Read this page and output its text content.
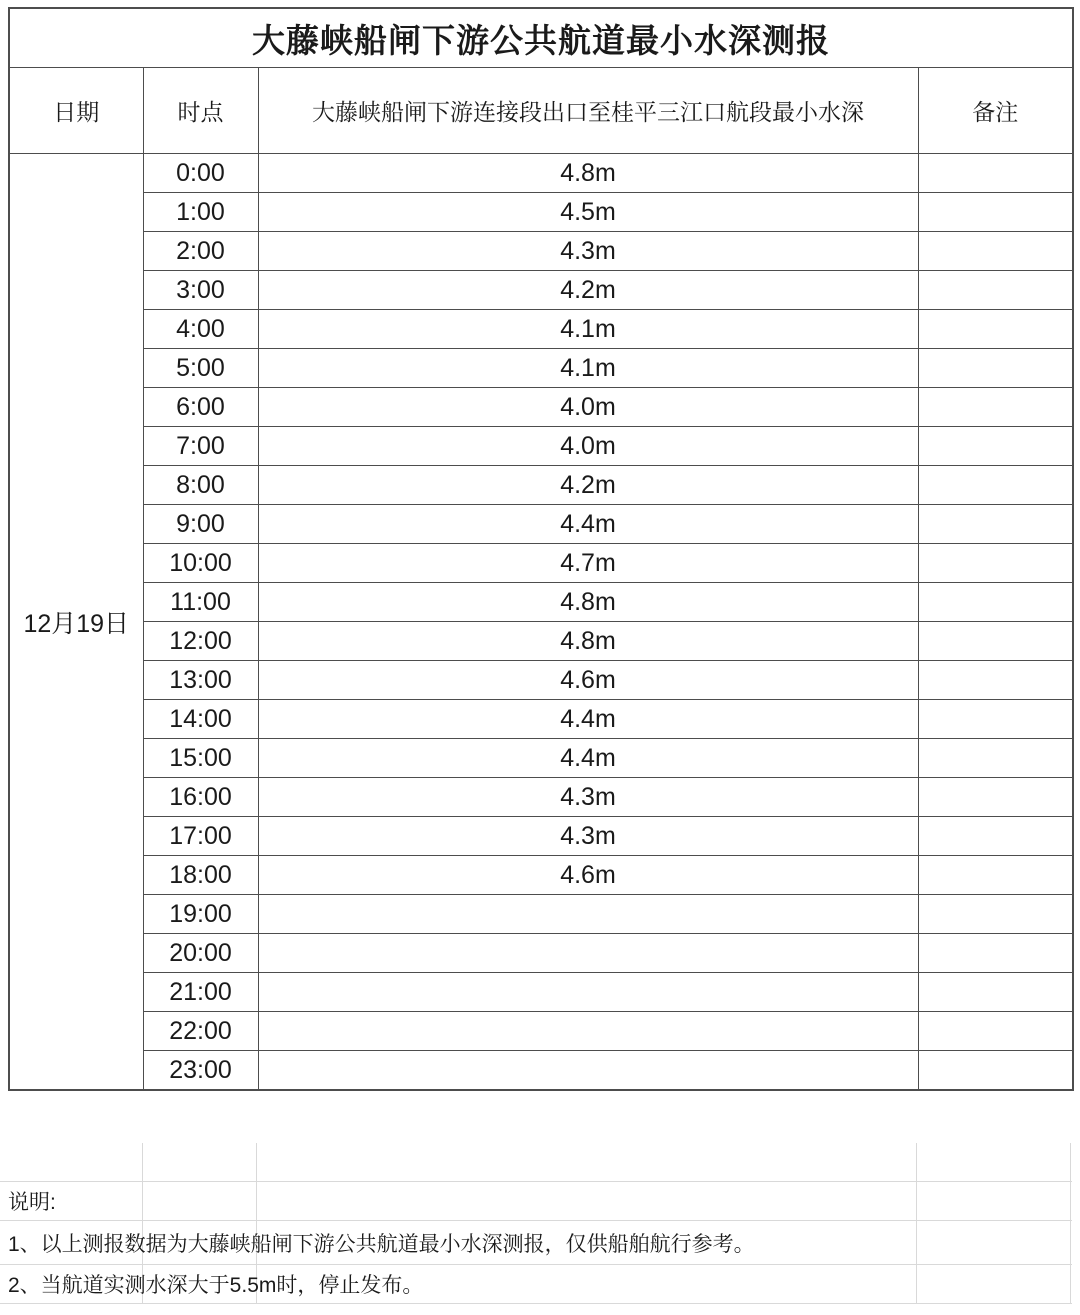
大藤峡船闸下游公共航道最小水深测报			
日期	时点	大藤峡船闸下游连接段出口至桂平三江口航段最小水深	备注
12月19日	0:00	4.8m	
	1:00	4.5m	
	2:00	4.3m	
	3:00	4.2m	
	4:00	4.1m	
	5:00	4.1m	
	6:00	4.0m	
	7:00	4.0m	
	8:00	4.2m	
	9:00	4.4m	
	10:00	4.7m	
	11:00	4.8m	
	12:00	4.8m	
	13:00	4.6m	
	14:00	4.4m	
	15:00	4.4m	
	16:00	4.3m	
	17:00	4.3m	
	18:00	4.6m	
	19:00		
	20:00		
	21:00		
	22:00		
	23:00		
说明:
1、以上测报数据为大藤峡船闸下游公共航道最小水深测报，仅供船舶航行参考。
2、当航道实测水深大于5.5m时，停止发布。
